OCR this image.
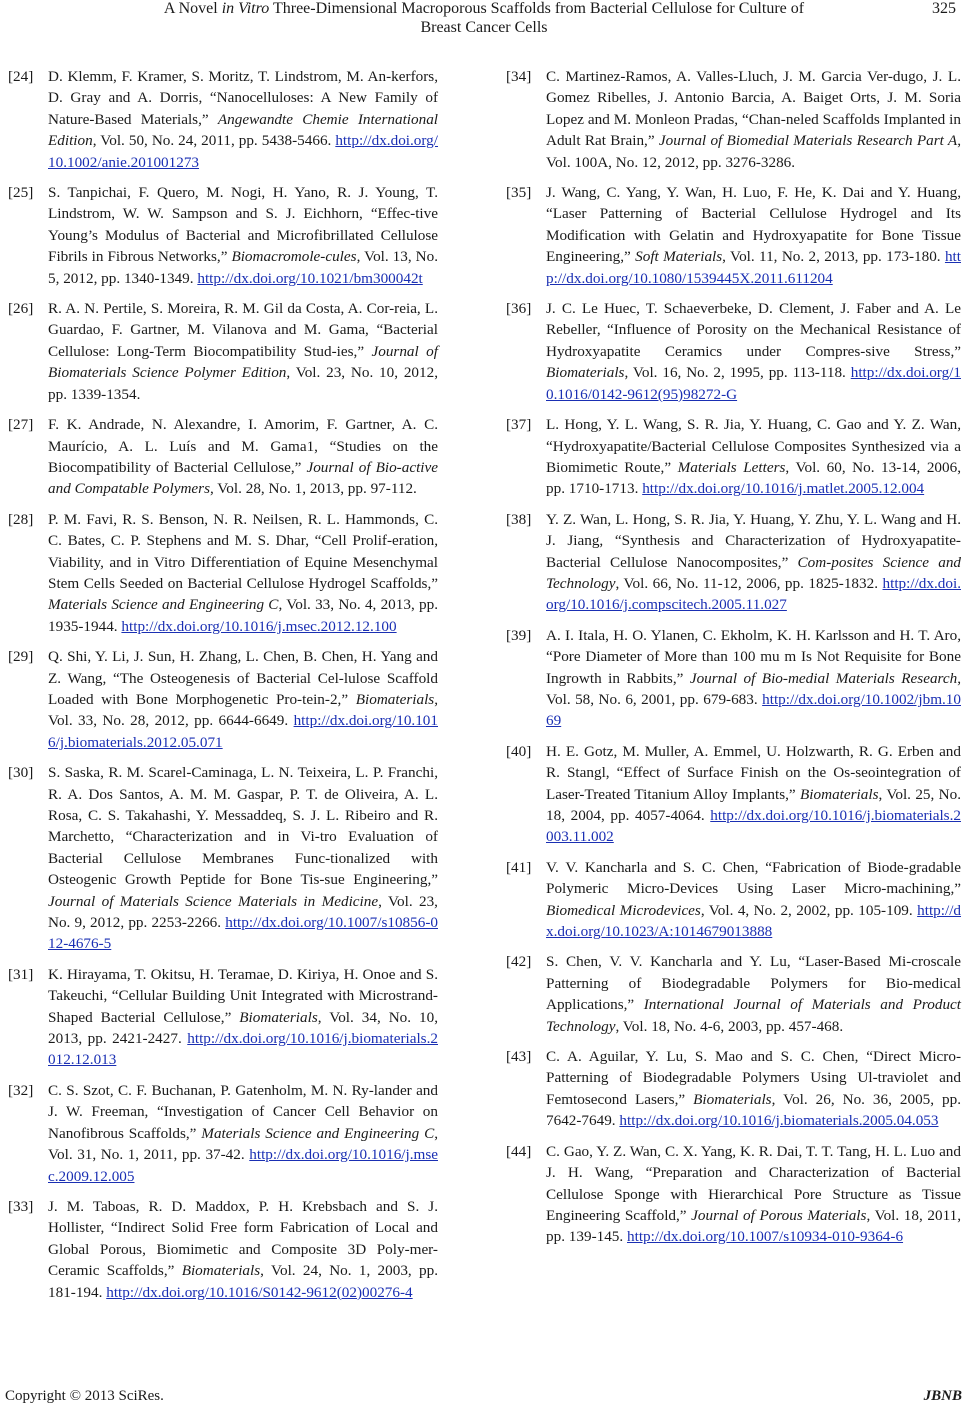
A Novel in Vitro Three-Dimensional Macroporous Scaffolds from Bacterial Cellulose for Culture of
Breast Cancer Cells
325
[24] D. Klemm, F. Kramer, S. Moritz, T. Lindstrom, M. An-kerfors, D. Gray and A. Dorris, “Nanocelluloses: A New Family of Nature-Based Materials,” Angewandte Chemie International Edition, Vol. 50, No. 24, 2011, pp. 5438-5466. http://dx.doi.org/10.1002/anie.201001273
[25] S. Tanpichai, F. Quero, M. Nogi, H. Yano, R. J. Young, T. Lindstrom, W. W. Sampson and S. J. Eichhorn, “Effec-tive Young’s Modulus of Bacterial and Microfibrillated Cellulose Fibrils in Fibrous Networks,” Biomacromole-cules, Vol. 13, No. 5, 2012, pp. 1340-1349. http://dx.doi.org/10.1021/bm300042t
[26] R. A. N. Pertile, S. Moreira, R. M. Gil da Costa, A. Cor-reia, L. Guardao, F. Gartner, M. Vilanova and M. Gama, “Bacterial Cellulose: Long-Term Biocompatibility Stud-ies,” Journal of Biomaterials Science Polymer Edition, Vol. 23, No. 10, 2012, pp. 1339-1354.
[27] F. K. Andrade, N. Alexandre, I. Amorim, F. Gartner, A. C. Maurício, A. L. Luís and M. Gama1, “Studies on the Biocompatibility of Bacterial Cellulose,” Journal of Bio-active and Compatable Polymers, Vol. 28, No. 1, 2013, pp. 97-112.
[28] P. M. Favi, R. S. Benson, N. R. Neilsen, R. L. Hammonds, C. C. Bates, C. P. Stephens and M. S. Dhar, “Cell Prolif-eration, Viability, and in Vitro Differentiation of Equine Mesenchymal Stem Cells Seeded on Bacterial Cellulose Hydrogel Scaffolds,” Materials Science and Engineering C, Vol. 33, No. 4, 2013, pp. 1935-1944. http://dx.doi.org/10.1016/j.msec.2012.12.100
[29] Q. Shi, Y. Li, J. Sun, H. Zhang, L. Chen, B. Chen, H. Yang and Z. Wang, “The Osteogenesis of Bacterial Cel-lulose Scaffold Loaded with Bone Morphogenetic Pro-tein-2,” Biomaterials, Vol. 33, No. 28, 2012, pp. 6644-6649. http://dx.doi.org/10.1016/j.biomaterials.2012.05.071
[30] S. Saska, R. M. Scarel-Caminaga, L. N. Teixeira, L. P. Franchi, R. A. Dos Santos, A. M. M. Gaspar, P. T. de Oliveira, A. L. Rosa, C. S. Takahashi, Y. Messaddeq, S. J. L. Ribeiro and R. Marchetto, “Characterization and in Vi-tro Evaluation of Bacterial Cellulose Membranes Func-tionalized with Osteogenic Growth Peptide for Bone Tis-sue Engineering,” Journal of Materials Science Materials in Medicine, Vol. 23, No. 9, 2012, pp. 2253-2266. http://dx.doi.org/10.1007/s10856-012-4676-5
[31] K. Hirayama, T. Okitsu, H. Teramae, D. Kiriya, H. Onoe and S. Takeuchi, “Cellular Building Unit Integrated with Microstrand-Shaped Bacterial Cellulose,” Biomaterials, Vol. 34, No. 10, 2013, pp. 2421-2427. http://dx.doi.org/10.1016/j.biomaterials.2012.12.013
[32] C. S. Szot, C. F. Buchanan, P. Gatenholm, M. N. Ry-lander and J. W. Freeman, “Investigation of Cancer Cell Behavior on Nanofibrous Scaffolds,” Materials Science and Engineering C, Vol. 31, No. 1, 2011, pp. 37-42. http://dx.doi.org/10.1016/j.msec.2009.12.005
[33] J. M. Taboas, R. D. Maddox, P. H. Krebsbach and S. J. Hollister, “Indirect Solid Free form Fabrication of Local and Global Porous, Biomimetic and Composite 3D Poly-mer-Ceramic Scaffolds,” Biomaterials, Vol. 24, No. 1, 2003, pp. 181-194. http://dx.doi.org/10.1016/S0142-9612(02)00276-4
[34] C. Martinez-Ramos, A. Valles-Lluch, J. M. Garcia Ver-dugo, J. L. Gomez Ribelles, J. Antonio Barcia, A. Baiget Orts, J. M. Soria Lopez and M. Monleon Pradas, “Chan-neled Scaffolds Implanted in Adult Rat Brain,” Journal of Biomedial Materials Research Part A, Vol. 100A, No. 12, 2012, pp. 3276-3286.
[35] J. Wang, C. Yang, Y. Wan, H. Luo, F. He, K. Dai and Y. Huang, “Laser Patterning of Bacterial Cellulose Hydrogel and Its Modification with Gelatin and Hydroxyapatite for Bone Tissue Engineering,” Soft Materials, Vol. 11, No. 2, 2013, pp. 173-180. http://dx.doi.org/10.1080/1539445X.2011.611204
[36] J. C. Le Huec, T. Schaeverbeke, D. Clement, J. Faber and A. Le Rebeller, “Influence of Porosity on the Mechanical Resistance of Hydroxyapatite Ceramics under Compres-sive Stress,” Biomaterials, Vol. 16, No. 2, 1995, pp. 113-118. http://dx.doi.org/10.1016/0142-9612(95)98272-G
[37] L. Hong, Y. L. Wang, S. R. Jia, Y. Huang, C. Gao and Y. Z. Wan, “Hydroxyapatite/Bacterial Cellulose Composites Synthesized via a Biomimetic Route,” Materials Letters, Vol. 60, No. 13-14, 2006, pp. 1710-1713. http://dx.doi.org/10.1016/j.matlet.2005.12.004
[38] Y. Z. Wan, L. Hong, S. R. Jia, Y. Huang, Y. Zhu, Y. L. Wang and H. J. Jiang, “Synthesis and Characterization of Hydroxyapatite-Bacterial Cellulose Nanocomposites,” Com-posites Science and Technology, Vol. 66, No. 11-12, 2006, pp. 1825-1832. http://dx.doi.org/10.1016/j.compscitech.2005.11.027
[39] A. I. Itala, H. O. Ylanen, C. Ekholm, K. H. Karlsson and H. T. Aro, “Pore Diameter of More than 100 mu m Is Not Requisite for Bone Ingrowth in Rabbits,” Journal of Bio-medial Materials Research, Vol. 58, No. 6, 2001, pp. 679-683. http://dx.doi.org/10.1002/jbm.1069
[40] H. E. Gotz, M. Muller, A. Emmel, U. Holzwarth, R. G. Erben and R. Stangl, “Effect of Surface Finish on the Os-seointegration of Laser-Treated Titanium Alloy Implants,” Biomaterials, Vol. 25, No. 18, 2004, pp. 4057-4064. http://dx.doi.org/10.1016/j.biomaterials.2003.11.002
[41] V. V. Kancharla and S. C. Chen, “Fabrication of Biode-gradable Polymeric Micro-Devices Using Laser Micro-machining,” Biomedical Microdevices, Vol. 4, No. 2, 2002, pp. 105-109. http://dx.doi.org/10.1023/A:1014679013888
[42] S. Chen, V. V. Kancharla and Y. Lu, “Laser-Based Mi-croscale Patterning of Biodegradable Polymers for Bio-medical Applications,” International Journal of Materials and Product Technology, Vol. 18, No. 4-6, 2003, pp. 457-468.
[43] C. A. Aguilar, Y. Lu, S. Mao and S. C. Chen, “Direct Micro-Patterning of Biodegradable Polymers Using Ul-traviolet and Femtosecond Lasers,” Biomaterials, Vol. 26, No. 36, 2005, pp. 7642-7649. http://dx.doi.org/10.1016/j.biomaterials.2005.04.053
[44] C. Gao, Y. Z. Wan, C. X. Yang, K. R. Dai, T. T. Tang, H. L. Luo and J. H. Wang, “Preparation and Characterization of Bacterial Cellulose Sponge with Hierarchical Pore Structure as Tissue Engineering Scaffold,” Journal of Porous Materials, Vol. 18, 2011, pp. 139-145. http://dx.doi.org/10.1007/s10934-010-9364-6
Copyright © 2013 SciRes.	JBNB
